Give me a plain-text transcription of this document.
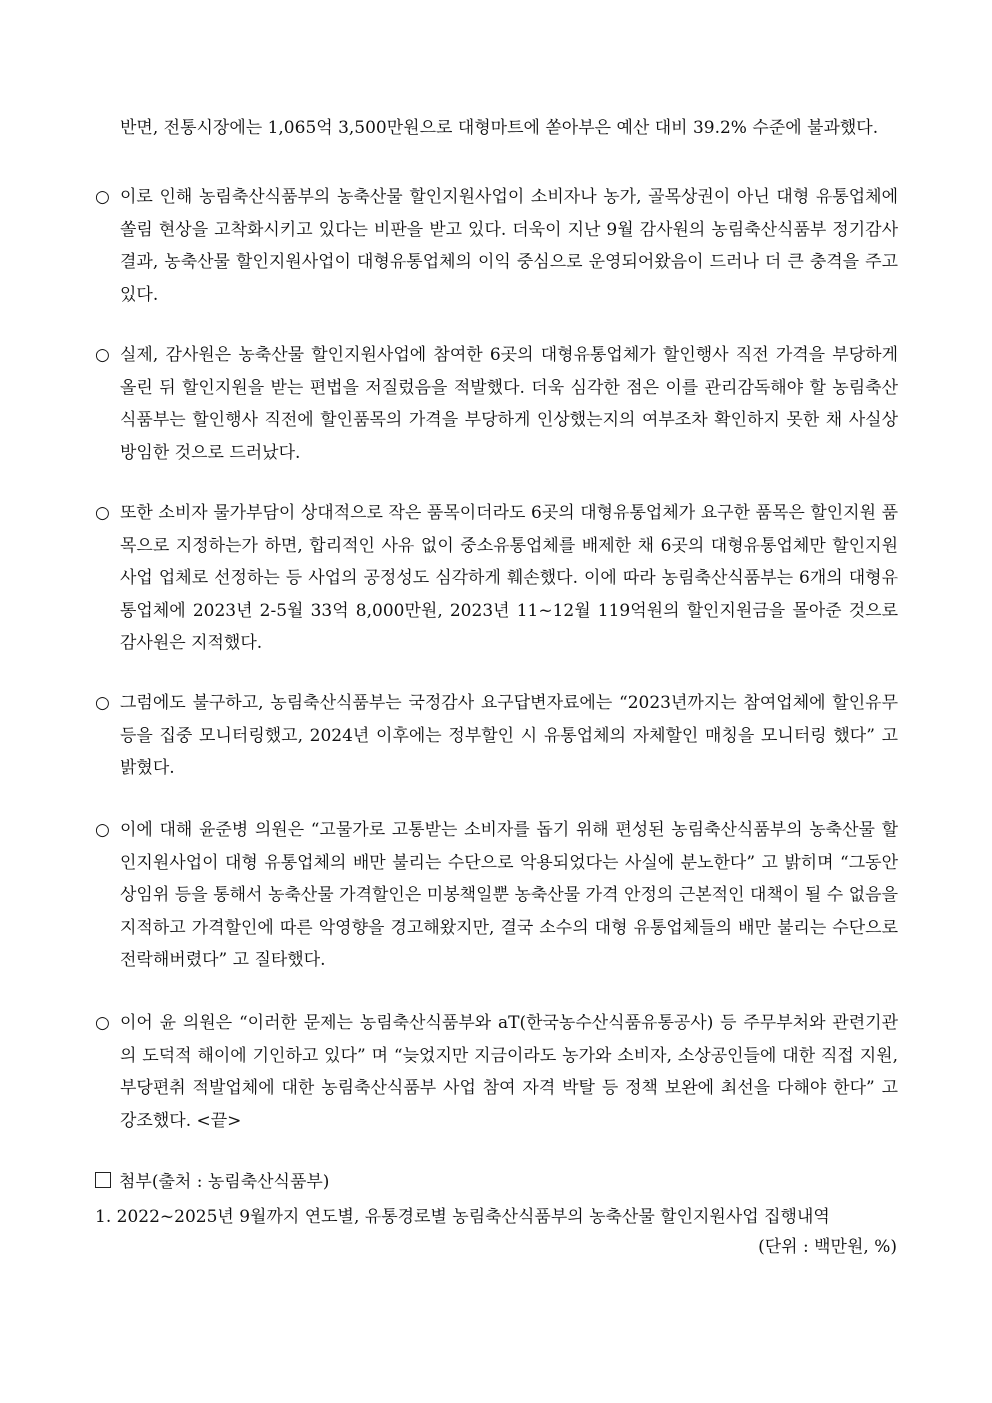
반면, 전통시장에는 1,065억 3,500만원으로 대형마트에 쏟아부은 예산 대비 39.2% 수준에 불과했다.
○ 이로 인해 농림축산식품부의 농축산물 할인지원사업이 소비자나 농가, 골목상권이 아닌 대형 유통업체에 쏠림 현상을 고착화시키고 있다는 비판을 받고 있다. 더욱이 지난 9월 감사원의 농림축산식품부 정기감사 결과, 농축산물 할인지원사업이 대형유통업체의 이익 중심으로 운영되어왔음이 드러나 더 큰 충격을 주고 있다.
○ 실제, 감사원은 농축산물 할인지원사업에 참여한 6곳의 대형유통업체가 할인행사 직전 가격을 부당하게 올린 뒤 할인지원을 받는 편법을 저질렀음을 적발했다. 더욱 심각한 점은 이를 관리감독해야 할 농림축산식품부는 할인행사 직전에 할인품목의 가격을 부당하게 인상했는지의 여부조차 확인하지 못한 채 사실상 방임한 것으로 드러났다.
○ 또한 소비자 물가부담이 상대적으로 작은 품목이더라도 6곳의 대형유통업체가 요구한 품목은 할인지원 품목으로 지정하는가 하면, 합리적인 사유 없이 중소유통업체를 배제한 채 6곳의 대형유통업체만 할인지원사업 업체로 선정하는 등 사업의 공정성도 심각하게 훼손했다. 이에 따라 농림축산식품부는 6개의 대형유통업체에 2023년 2-5월 33억 8,000만원, 2023년 11~12월 119억원의 할인지원금을 몰아준 것으로 감사원은 지적했다.
○ 그럼에도 불구하고, 농림축산식품부는 국정감사 요구답변자료에는 “2023년까지는 참여업체에 할인유무 등을 집중 모니터링했고, 2024년 이후에는 정부할인 시 유통업체의 자체할인 매칭을 모니터링 했다” 고 밝혔다.
○ 이에 대해 윤준병 의원은 “고물가로 고통받는 소비자를 돕기 위해 편성된 농림축산식품부의 농축산물 할인지원사업이 대형 유통업체의 배만 불리는 수단으로 악용되었다는 사실에 분노한다” 고 밝히며 “그동안 상임위 등을 통해서 농축산물 가격할인은 미봉책일뿐 농축산물 가격 안정의 근본적인 대책이 될 수 없음을 지적하고 가격할인에 따른 악영향을 경고해왔지만, 결국 소수의 대형 유통업체들의 배만 불리는 수단으로 전락해버렸다” 고 질타했다.
○ 이어 윤 의원은 “이러한 문제는 농림축산식품부와 aT(한국농수산식품유통공사) 등 주무부처와 관련기관의 도덕적 해이에 기인하고 있다” 며 “늦었지만 지금이라도 농가와 소비자, 소상공인들에 대한 직접 지원, 부당편취 적발업체에 대한 농림축산식품부 사업 참여 자격 박탈 등 정책 보완에 최선을 다해야 한다” 고 강조했다. <끝>
첨부(출처 : 농림축산식품부)
1. 2022~2025년 9월까지 연도별, 유통경로별 농림축산식품부의 농축산물 할인지원사업 집행내역
(단위 : 백만원, %)
